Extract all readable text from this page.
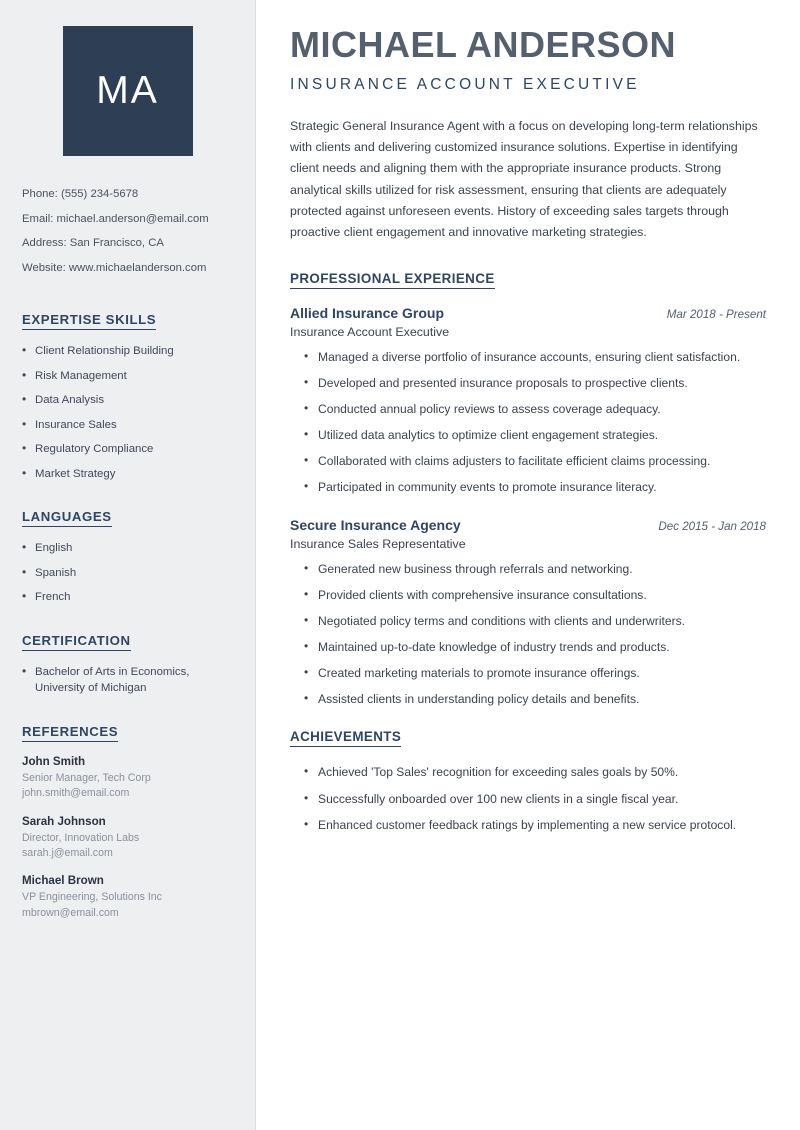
MA
Phone: (555) 234-5678
Email: michael.anderson@email.com
Address: San Francisco, CA
Website: www.michaelanderson.com
EXPERTISE SKILLS
• Client Relationship Building
• Risk Management
• Data Analysis
• Insurance Sales
• Regulatory Compliance
• Market Strategy
LANGUAGES
• English
• Spanish
• French
CERTIFICATION
• Bachelor of Arts in Economics, University of Michigan
REFERENCES
John Smith
Senior Manager, Tech Corp
john.smith@email.com
Sarah Johnson
Director, Innovation Labs
sarah.j@email.com
Michael Brown
VP Engineering, Solutions Inc
mbrown@email.com
MICHAEL ANDERSON
INSURANCE ACCOUNT EXECUTIVE

Strategic General Insurance Agent with a focus on developing long-term relationships with clients and delivering customized insurance solutions. Expertise in identifying client needs and aligning them with the appropriate insurance products. Strong analytical skills utilized for risk assessment, ensuring that clients are adequately protected against unforeseen events. History of exceeding sales targets through proactive client engagement and innovative marketing strategies.

PROFESSIONAL EXPERIENCE
Allied Insurance Group	Mar 2018 - Present
Insurance Account Executive
• Managed a diverse portfolio of insurance accounts, ensuring client satisfaction.
• Developed and presented insurance proposals to prospective clients.
• Conducted annual policy reviews to assess coverage adequacy.
• Utilized data analytics to optimize client engagement strategies.
• Collaborated with claims adjusters to facilitate efficient claims processing.
• Participated in community events to promote insurance literacy.
Secure Insurance Agency	Dec 2015 - Jan 2018
Insurance Sales Representative
• Generated new business through referrals and networking.
• Provided clients with comprehensive insurance consultations.
• Negotiated policy terms and conditions with clients and underwriters.
• Maintained up-to-date knowledge of industry trends and products.
• Created marketing materials to promote insurance offerings.
• Assisted clients in understanding policy details and benefits.
ACHIEVEMENTS
• Achieved 'Top Sales' recognition for exceeding sales goals by 50%.
• Successfully onboarded over 100 new clients in a single fiscal year.
• Enhanced customer feedback ratings by implementing a new service protocol.
